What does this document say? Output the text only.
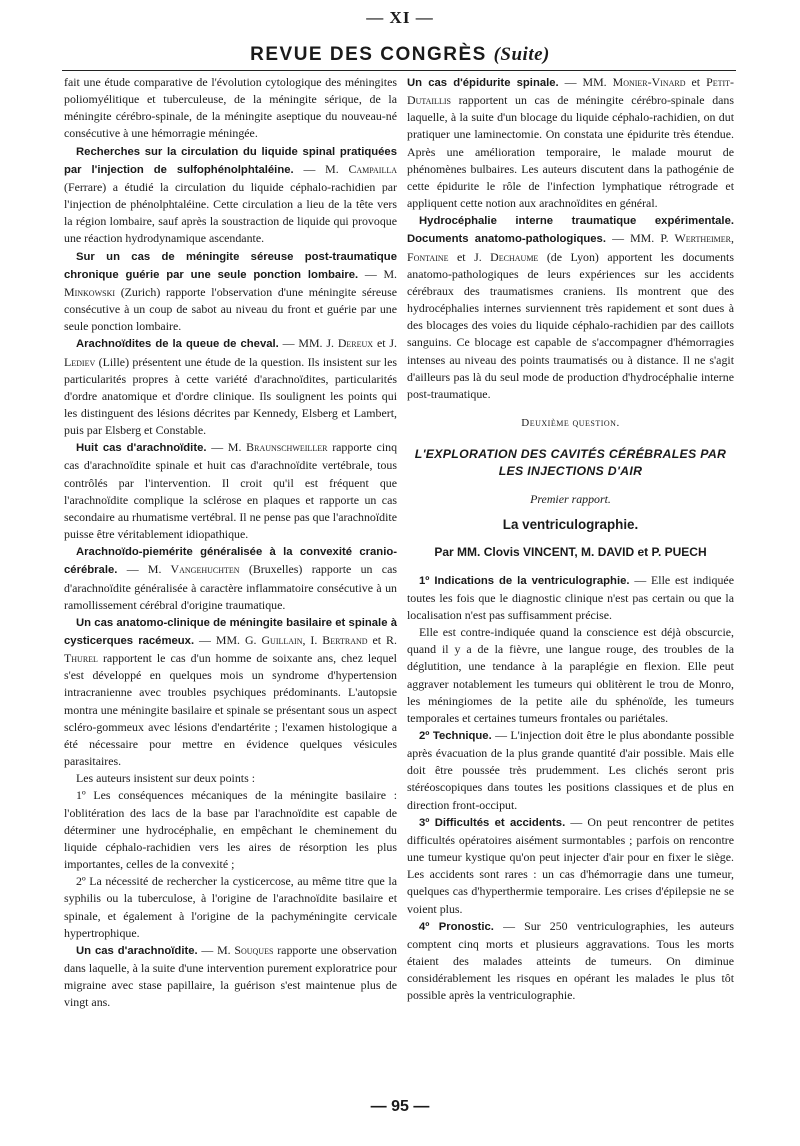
— XI —
REVUE DES CONGRÈS (Suite)

fait une étude comparative de l'évolution cytologique des méningites poliomyélitique et tuberculeuse, de la méningite sérique, de la méningite cérébro-spinale, de la méningite aseptique du nouveau-né consécutive à une hémorragie méningée.

Recherches sur la circulation du liquide spinal pratiquées par l'injection de sulfophénolphtaléine. — M. Campailla (Ferrare) a étudié la circulation du liquide céphalo-rachidien par l'injection de phénolphtaléine. Cette circulation a lieu de la tête vers la région lombaire, sauf après la soustraction de liquide qui provoque une réaction hydrodynamique ascendante.

Sur un cas de méningite séreuse post-traumatique chronique guérie par une seule ponction lombaire. — M. Minkowski (Zurich) rapporte l'observation d'une méningite séreuse consécutive à un coup de sabot au niveau du front et guérie par une seule ponction lombaire.

Arachnoïdites de la queue de cheval. — MM. J. Dereux et J. Lediev (Lille) présentent une étude de la question. Ils insistent sur les particularités propres à cette variété d'arachnoïdites, particularités d'ordre anatomique et d'ordre clinique. Ils soulignent les points qui les distinguent des lésions décrites par Kennedy, Elsberg et Lambert, puis par Elsberg et Constable.

Huit cas d'arachnoïdite. — M. Braunschweiller rapporte cinq cas d'arachnoïdite spinale et huit cas d'arachnoïdite vertébrale, tous contrôlés par l'intervention. Il croit qu'il est fréquent que l'arachnoïdite complique la sclérose en plaques et rapporte un cas secondaire au rhumatisme vertébral. Il ne pense pas que l'arachnoïdite puisse être véritablement idiopathique.

Arachnoïdo-piemérite généralisée à la convexité cranio-cérébrale. — M. Vangehuchten (Bruxelles) rapporte un cas d'arachnoïdite généralisée à caractère inflammatoire consécutive à un ramollissement cérébral d'origine traumatique.

Un cas anatomo-clinique de méningite basilaire et spinale à cysticerques racémeux. — MM. G. Guillain, I. Bertrand et R. Thurel rapportent le cas d'un homme de soixante ans, chez lequel s'est développé en quelques mois un syndrome d'hypertension intracranienne avec troubles psychiques prédominants. L'autopsie montra une méningite basilaire et spinale se présentant sous un aspect scléro-gommeux avec lésions d'endartérite ; l'examen histologique a été nécessaire pour mettre en évidence quelques vésicules parasitaires.

Les auteurs insistent sur deux points :

1º Les conséquences mécaniques de la méningite basilaire : l'oblitération des lacs de la base par l'arachnoïdite est capable de déterminer une hydrocéphalie, en empêchant le cheminement du liquide céphalo-rachidien vers les aires de résorption les plus importantes, celles de la convexité ;

2º La nécessité de rechercher la cysticercose, au même titre que la syphilis ou la tuberculose, à l'origine de l'arachnoïdite basilaire et spinale, et également à l'origine de la pachyméningite cervicale hypertrophique.

Un cas d'arachnoïdite. — M. Souques rapporte une observation dans laquelle, à la suite d'une intervention purement exploratrice pour migraine avec stase papillaire, la guérison s'est maintenue plus de vingt ans.

Un cas d'épidurite spinale. — MM. Monier-Vinard et Petit-Dutaillis rapportent un cas de méningite cérébro-spinale dans laquelle, à la suite d'un blocage du liquide céphalo-rachidien, on dut pratiquer une laminectomie. On constata une épidurite très étendue. Après une amélioration temporaire, le malade mourut de phénomènes bulbaires. Les auteurs discutent dans la pathogénie de cette épidurite le rôle de l'infection lymphatique rétrograde et appliquent cette notion aux arachnoïdites en général.

Hydrocéphalie interne traumatique expérimentale. Documents anatomo-pathologiques. — MM. P. Wertheimer, Fontaine et J. Dechaume (de Lyon) apportent les documents anatomo-pathologiques de leurs expériences sur les accidents cérébraux des traumatismes craniens. Ils montrent que des hydrocéphalies internes surviennent très rapidement et sont dues à des blocages des voies du liquide céphalo-rachidien par des caillots sanguins. Ce blocage est capable de s'accompagner d'hémorragies intenses au niveau des points traumatisés ou à distance. Il ne s'agit d'ailleurs pas là du seul mode de production d'hydrocéphalie interne post-traumatique.

Deuxième question.

L'EXPLORATION DES CAVITÉS CÉRÉBRALES PAR LES INJECTIONS D'AIR

Premier rapport.

La ventriculographie.

Par MM. Clovis VINCENT, M. DAVID et P. PUECH

1º Indications de la ventriculographie. — Elle est indiquée toutes les fois que le diagnostic clinique n'est pas certain ou que la localisation n'est pas suffisamment précise.

Elle est contre-indiquée quand la conscience est déjà obscurcie, quand il y a de la fièvre, une langue rouge, des troubles de la déglutition, une tendance à la paraplégie en flexion. Elle peut aggraver notablement les tumeurs qui oblitèrent le trou de Monro, les méningiomes de la petite aile du sphénoïde, les tumeurs temporales et certaines tumeurs frontales ou pariétales.

2º Technique. — L'injection doit être le plus abondante possible après évacuation de la plus grande quantité d'air possible. Mais elle doit être poussée très prudemment. Les clichés seront pris stéréoscopiques dans toutes les positions classiques et de plus en direction front-occiput.

3º Difficultés et accidents. — On peut rencontrer de petites difficultés opératoires aisément surmontables ; parfois on rencontre une tumeur kystique qu'on peut injecter d'air pour en fixer le siège. Les accidents sont rares : un cas d'hémorragie dans une tumeur, quelques cas d'hyperthermie temporaire. Les crises d'épilepsie ne se voient plus.

4º Pronostic. — Sur 250 ventriculographies, les auteurs comptent cinq morts et plusieurs aggravations. Tous les morts étaient des malades atteints de tumeurs. On diminue considérablement les risques en opérant les malades le plus tôt possible après la ventriculographie.

— 95 —
